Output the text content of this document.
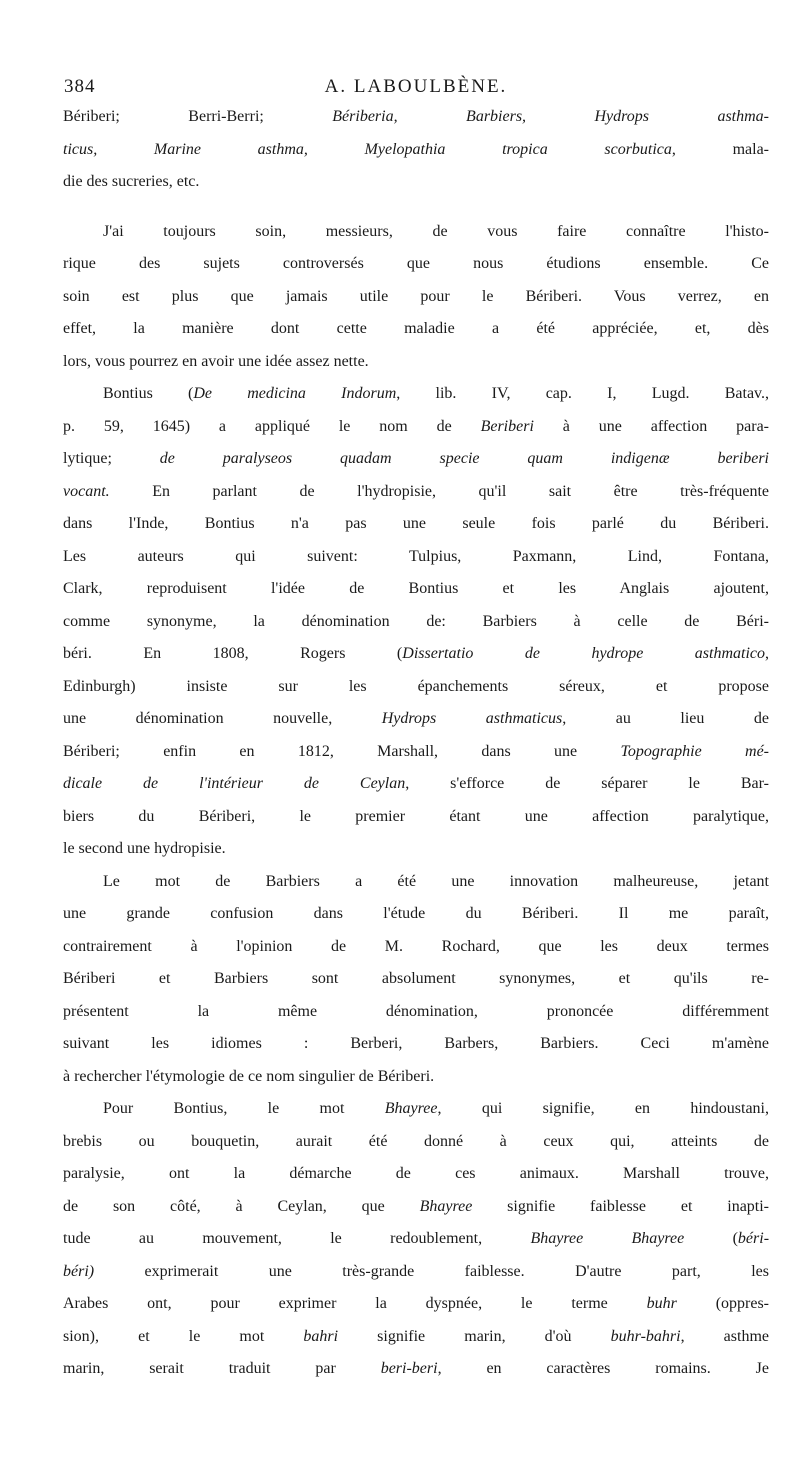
384	A. LABOULBÈNE.
Bériberi; Berri-Berri; Bériberia, Barbiers, Hydrops asthma-
ticus, Marine asthma, Myelopathia tropica scorbutica, mala-
die des sucreries, etc.
J'ai toujours soin, messieurs, de vous faire connaître l'histo-
rique des sujets controversés que nous étudions ensemble. Ce
soin est plus que jamais utile pour le Bériberi. Vous verrez, en
effet, la manière dont cette maladie a été appréciée, et, dès
lors, vous pourrez en avoir une idée assez nette.
Bontius (De medicina Indorum, lib. IV, cap. I, Lugd. Batav.,
p. 59, 1645) a appliqué le nom de Beriberi à une affection para-
lytique; de paralyseos quadam specie quam indigenæ beriberi
vocant. En parlant de l'hydropisie, qu'il sait être très-fréquente
dans l'Inde, Bontius n'a pas une seule fois parlé du Bériberi.
Les auteurs qui suivent: Tulpius, Paxmann, Lind, Fontana,
Clark, reproduisent l'idée de Bontius et les Anglais ajoutent,
comme synonyme, la dénomination de: Barbiers à celle de Béri-
béri. En 1808, Rogers (Dissertatio de hydrope asthmatico,
Edinburgh) insiste sur les épanchements séreux, et propose
une dénomination nouvelle, Hydrops asthmaticus, au lieu de
Bériberi; enfin en 1812, Marshall, dans une Topographie mé-
dicale de l'intérieur de Ceylan, s'efforce de séparer le Bar-
biers du Bériberi, le premier étant une affection paralytique,
le second une hydropisie.
Le mot de Barbiers a été une innovation malheureuse, jetant
une grande confusion dans l'étude du Bériberi. Il me paraît,
contrairement à l'opinion de M. Rochard, que les deux termes
Bériberi et Barbiers sont absolument synonymes, et qu'ils re-
présentent la même dénomination, prononcée différemment
suivant les idiomes : Berberi, Barbers, Barbiers. Ceci m'amène
à rechercher l'étymologie de ce nom singulier de Bériberi.
Pour Bontius, le mot Bhayree, qui signifie, en hindoustani,
brebis ou bouquetin, aurait été donné à ceux qui, atteints de
paralysie, ont la démarche de ces animaux. Marshall trouve,
de son côté, à Ceylan, que Bhayree signifie faiblesse et inapti-
tude au mouvement, le redoublement, Bhayree Bhayree (béri-
béri) exprimerait une très-grande faiblesse. D'autre part, les
Arabes ont, pour exprimer la dyspnée, le terme buhr (oppres-
sion), et le mot bahri signifie marin, d'où buhr-bahri, asthme
marin, serait traduit par beri-beri, en caractères romains. Je
